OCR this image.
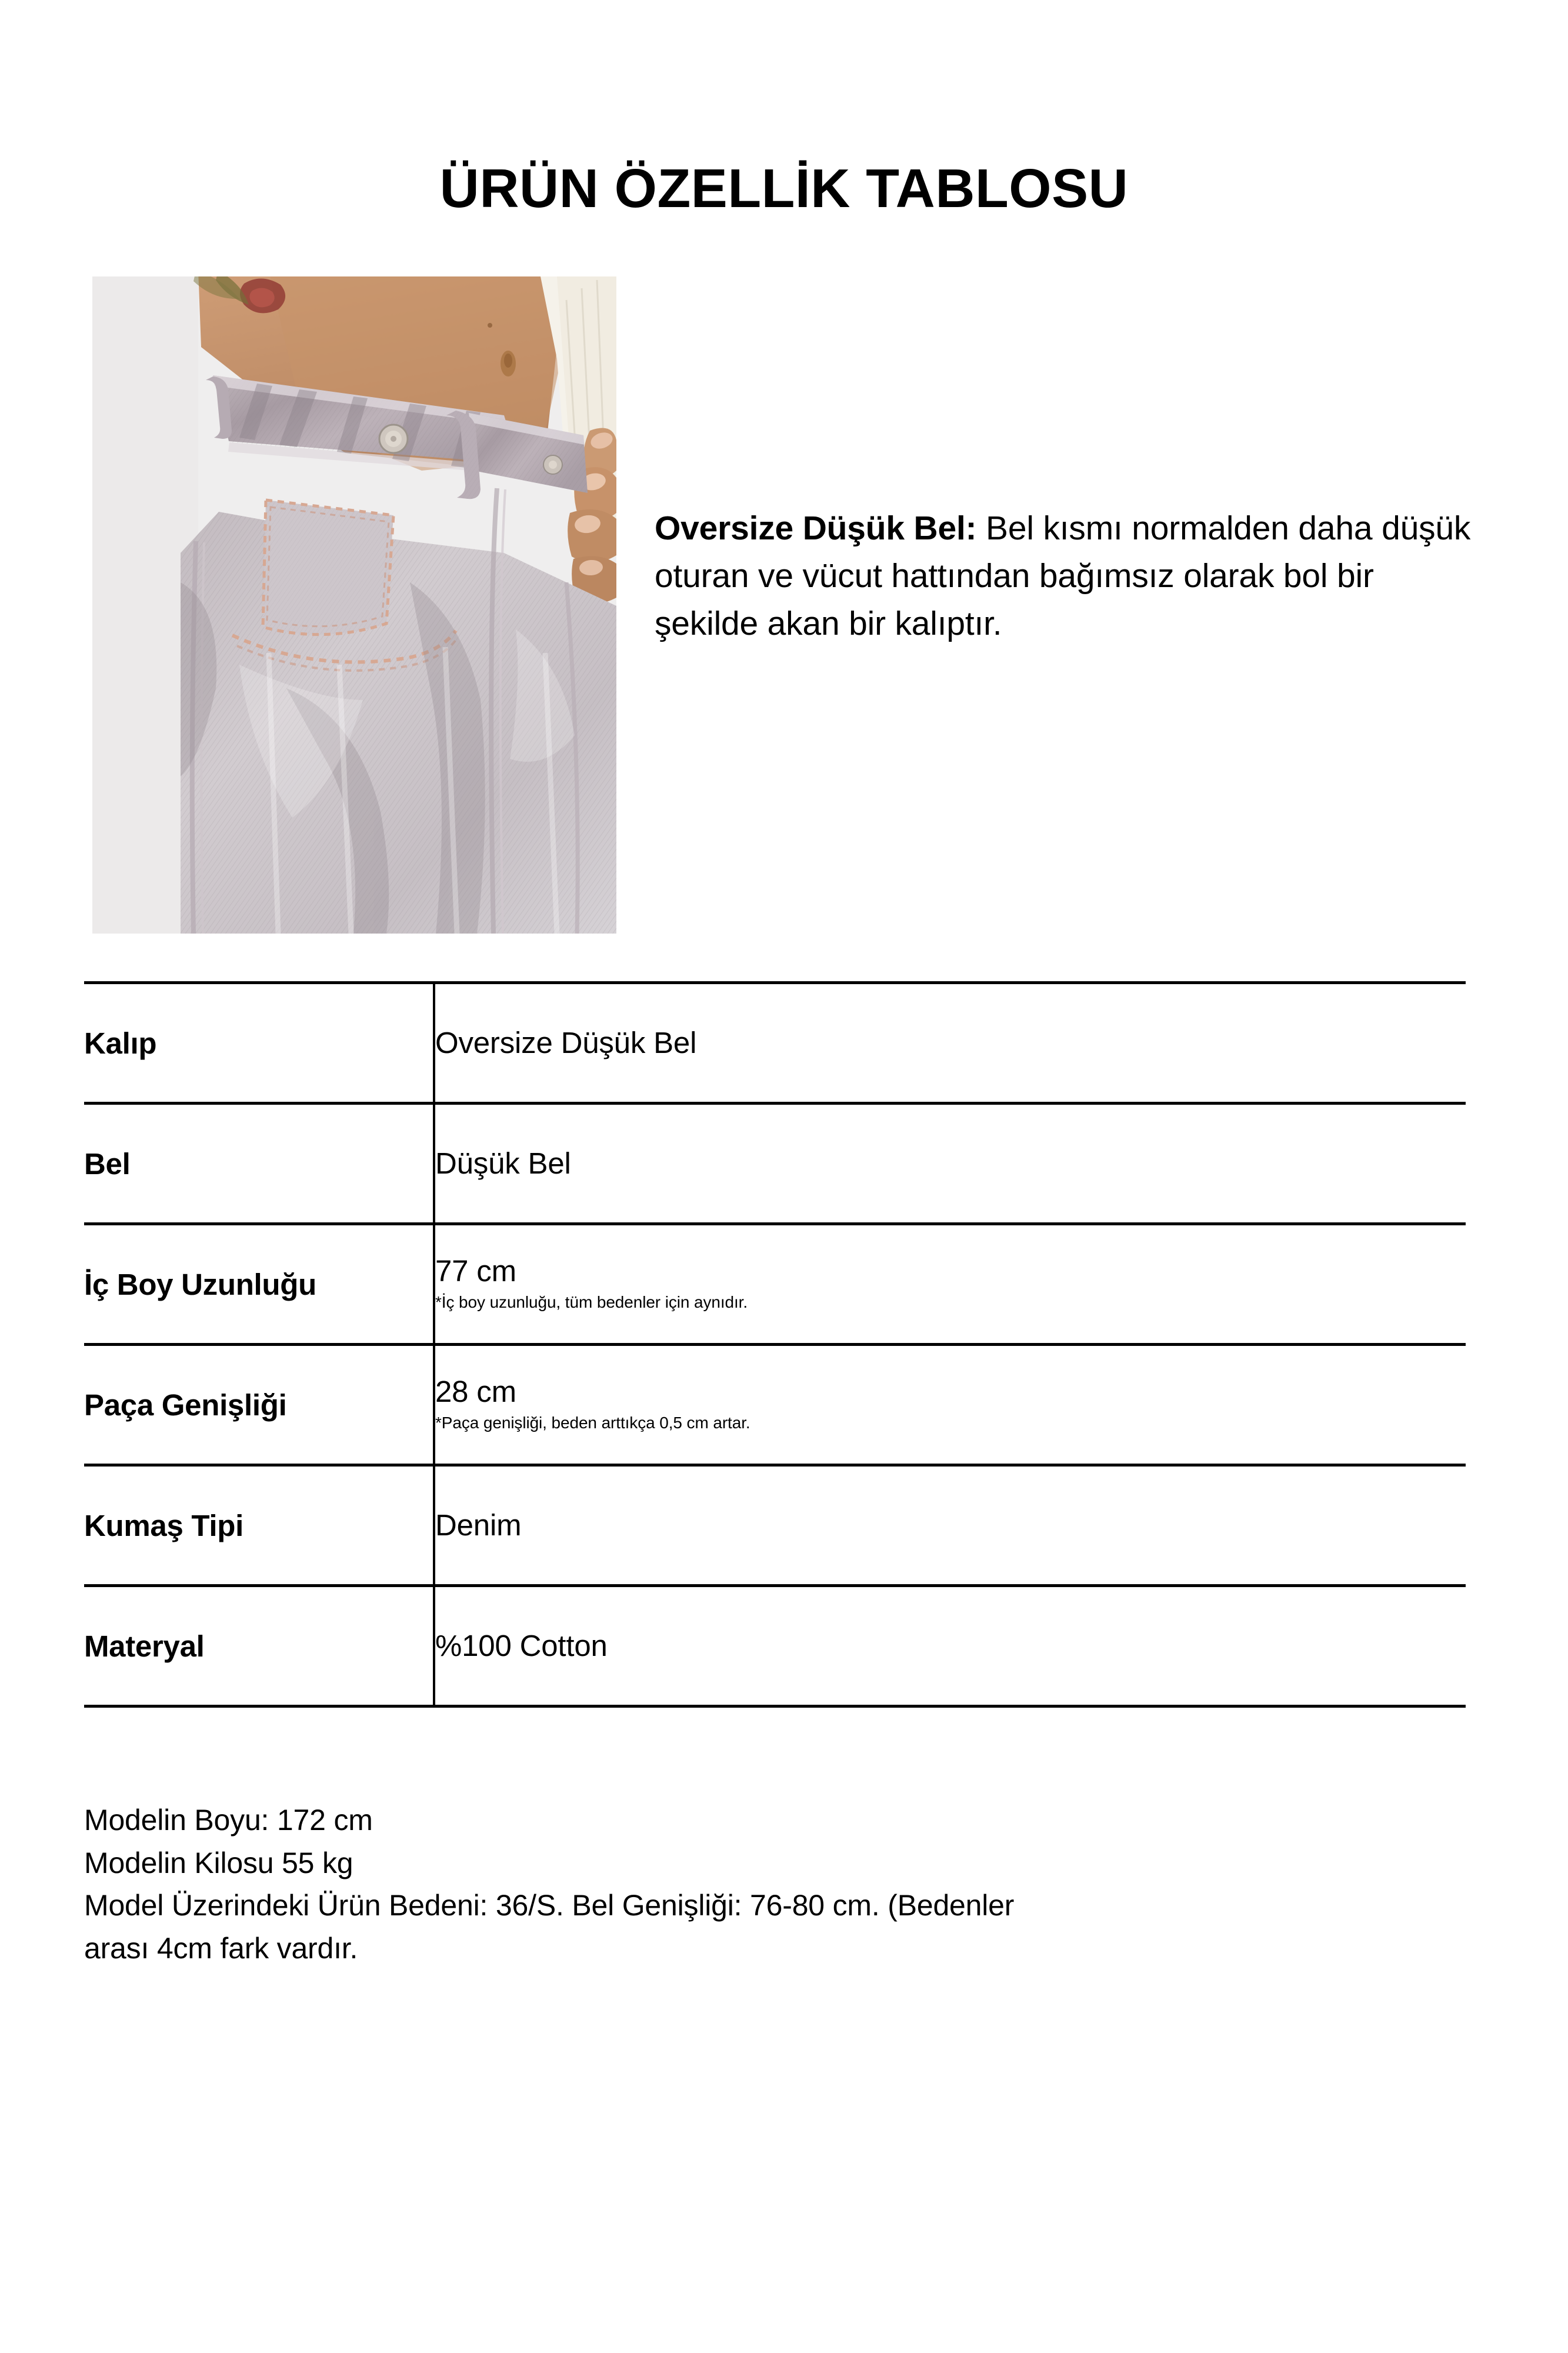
ÜRÜN ÖZELLİK TABLOSU

Oversize Düşük Bel: Bel kısmı normalden daha düşük oturan ve vücut hattından bağımsız olarak bol bir şekilde akan bir kalıptır.

Kalıp	Oversize Düşük Bel

Bel	Düşük Bel

İç Boy Uzunluğu	77 cm
*İç boy uzunluğu, tüm bedenler için aynıdır.

Paça Genişliği	28 cm
*Paça genişliği, beden arttıkça 0,5 cm artar.

Kumaş Tipi	Denim

Materyal	%100 Cotton
Modelin Boyu: 172 cm
Modelin Kilosu 55 kg
Model Üzerindeki Ürün Bedeni: 36/S. Bel Genişliği: 76-80 cm. (Bedenler
arası 4cm fark vardır.
